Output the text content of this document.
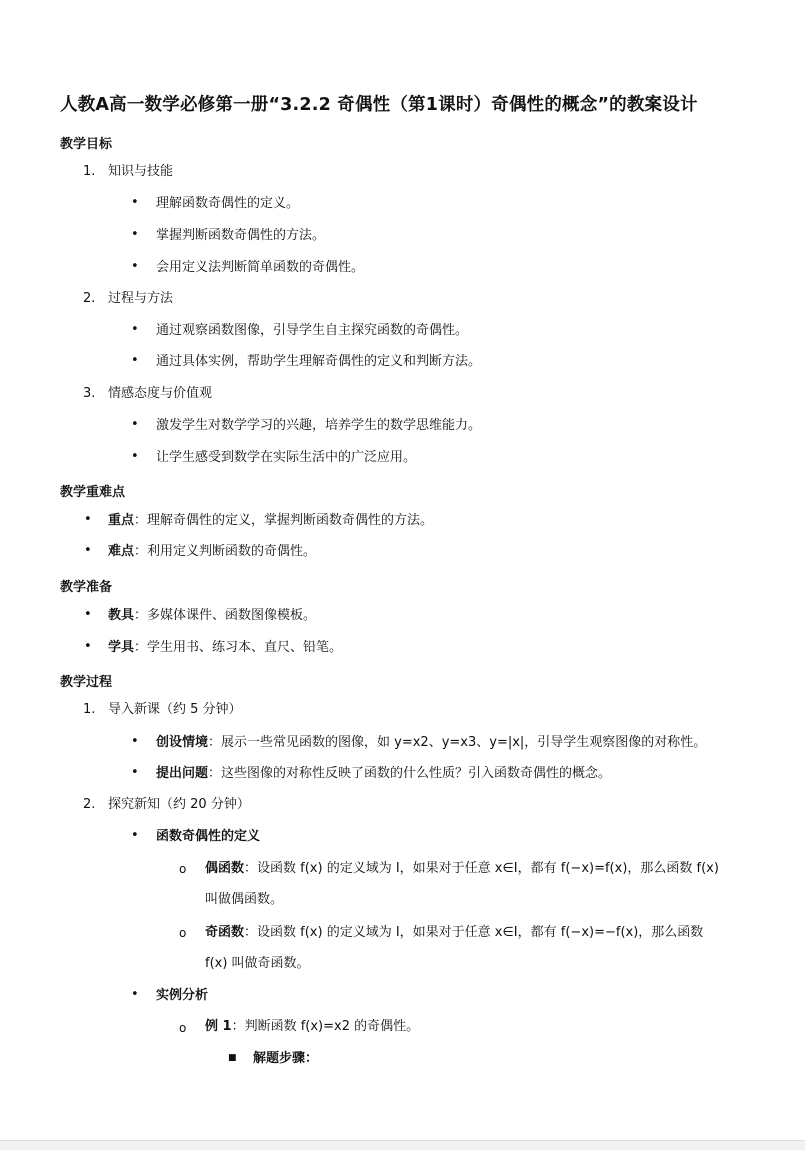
人教A高一数学必修第一册“3.2.2 奇偶性（第1课时）奇偶性的概念”的教案设计
教学目标
1. 知识与技能
• 理解函数奇偶性的定义。
• 掌握判断函数奇偶性的方法。
• 会用定义法判断简单函数的奇偶性。
2. 过程与方法
• 通过观察函数图像，引导学生自主探究函数的奇偶性。
• 通过具体实例，帮助学生理解奇偶性的定义和判断方法。
3. 情感态度与价值观
• 激发学生对数学学习的兴趣，培养学生的数学思维能力。
• 让学生感受到数学在实际生活中的广泛应用。
教学重难点
• 重点：理解奇偶性的定义，掌握判断函数奇偶性的方法。
• 难点：利用定义判断函数的奇偶性。
教学准备
• 教具：多媒体课件、函数图像模板。
• 学具：学生用书、练习本、直尺、铅笔。
教学过程
1. 导入新课（约 5 分钟）
• 创设情境：展示一些常见函数的图像，如 y=x2、y=x3、y=|x|，引导学生观察图像的对称性。
• 提出问题：这些图像的对称性反映了函数的什么性质？引入函数奇偶性的概念。
2. 探究新知（约 20 分钟）
• 函数奇偶性的定义
o 偶函数：设函数 f(x) 的定义域为 I，如果对于任意 x∈I，都有 f(−x)=f(x)，那么函数 f(x)
叫做偶函数。
o 奇函数：设函数 f(x) 的定义域为 I，如果对于任意 x∈I，都有 f(−x)=−f(x)，那么函数
f(x) 叫做奇函数。
• 实例分析
o 例 1：判断函数 f(x)=x2 的奇偶性。
■ 解题步骤：
